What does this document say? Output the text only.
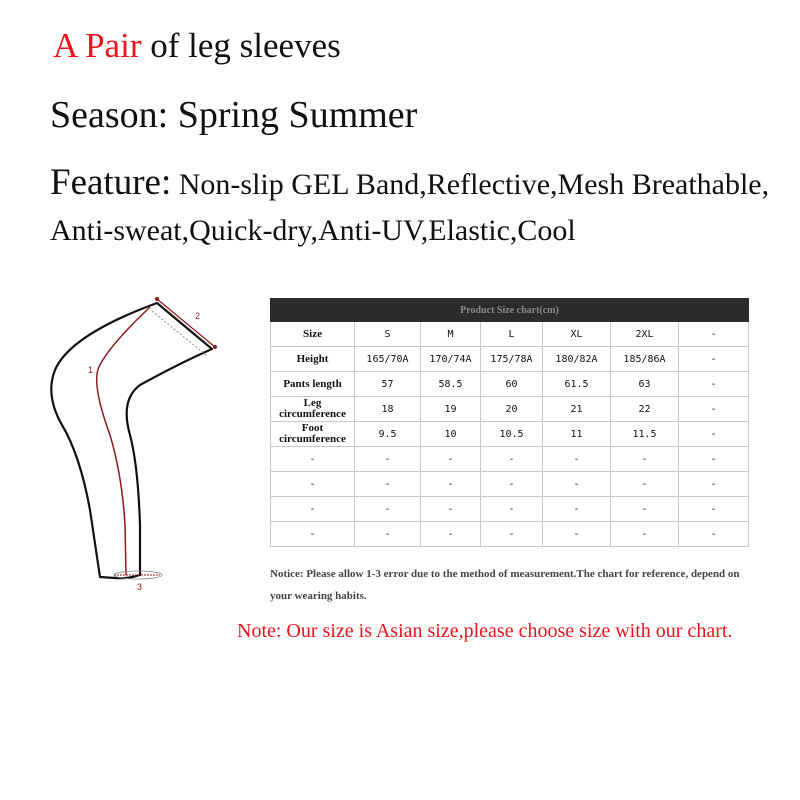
A Pair of leg sleeves
Season: Spring Summer
Feature: Non-slip GEL Band,Reflective,Mesh Breathable,
Anti-sweat,Quick-dry,Anti-UV,Elastic,Cool
1
2
3
Product Size chart(cm)						
Size	S	M	L	XL	2XL	-
Height	165/70A	170/74A	175/78A	180/82A	185/86A	-
Pants length	57	58.5	60	61.5	63	-
Leg circumference	18	19	20	21	22	-
Foot circumference	9.5	10	10.5	11	11.5	-
-	-	-	-	-	-	-
-	-	-	-	-	-	-
-	-	-	-	-	-	-
-	-	-	-	-	-	-
Notice: Please allow 1-3 error due to the method of measurement.The chart for reference, depend on your wearing habits.
Note: Our size is Asian size,please choose size with our chart.
